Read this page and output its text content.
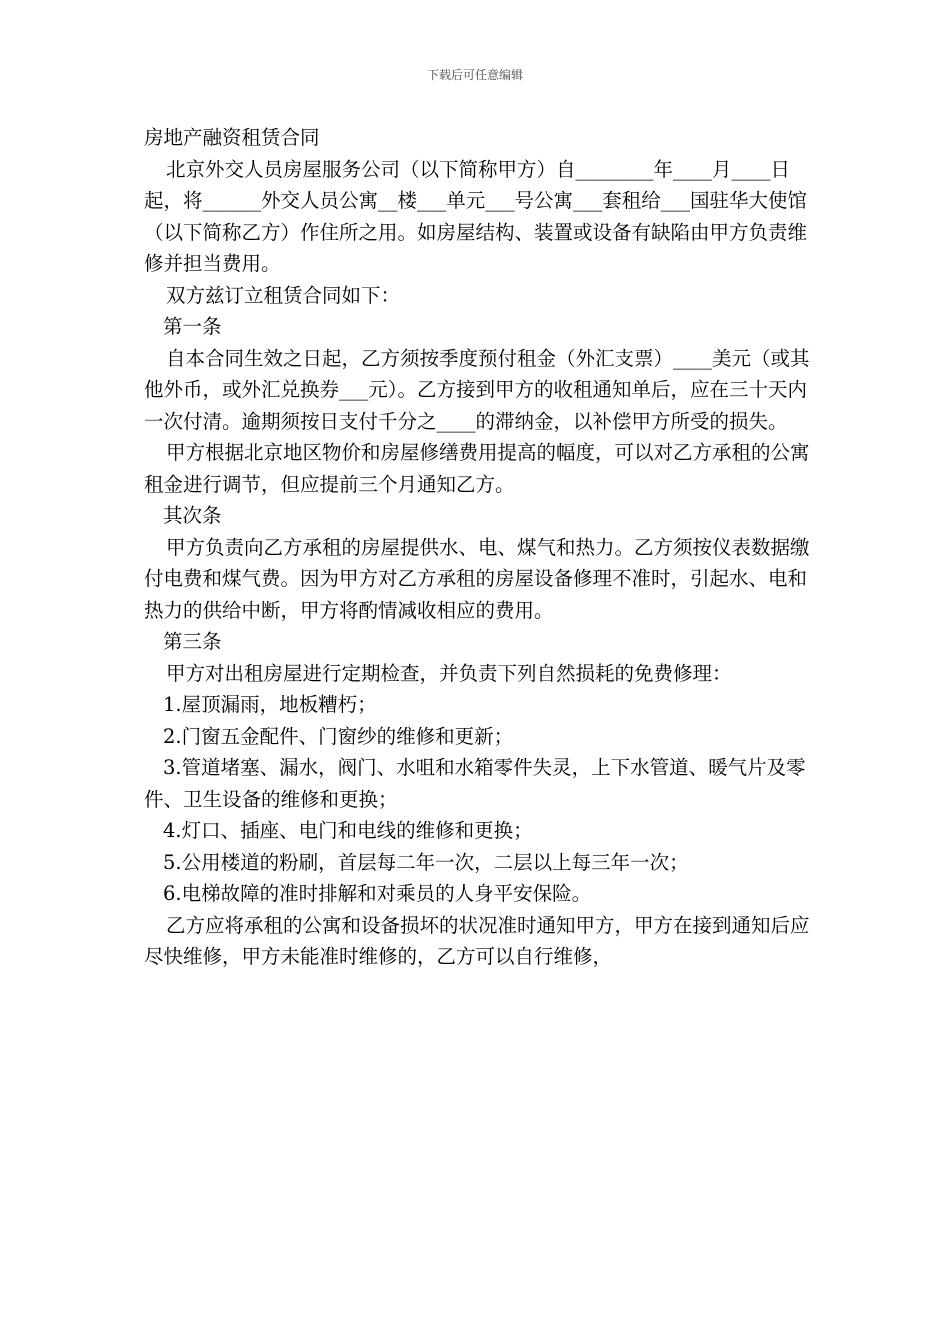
下载后可任意编辑

房地产融资租赁合同

北京外交人员房屋服务公司（以下简称甲方）自________年____月____日起，将______外交人员公寓__楼___单元___号公寓___套租给___国驻华大使馆（以下简称乙方）作住所之用。如房屋结构、装置或设备有缺陷由甲方负责维修并担当费用。

双方兹订立租赁合同如下：

第一条

自本合同生效之日起，乙方须按季度预付租金（外汇支票）____美元（或其他外币，或外汇兑换券___元）。乙方接到甲方的收租通知单后，应在三十天内一次付清。逾期须按日支付千分之____的滞纳金，以补偿甲方所受的损失。

甲方根据北京地区物价和房屋修缮费用提高的幅度，可以对乙方承租的公寓租金进行调节，但应提前三个月通知乙方。

其次条

甲方负责向乙方承租的房屋提供水、电、煤气和热力。乙方须按仪表数据缴付电费和煤气费。因为甲方对乙方承租的房屋设备修理不准时，引起水、电和热力的供给中断，甲方将酌情减收相应的费用。

第三条

甲方对出租房屋进行定期检查，并负责下列自然损耗的免费修理：

1.屋顶漏雨，地板糟朽；

2.门窗五金配件、门窗纱的维修和更新；

3.管道堵塞、漏水，阀门、水咀和水箱零件失灵，上下水管道、暖气片及零件、卫生设备的维修和更换；

4.灯口、插座、电门和电线的维修和更换；

5.公用楼道的粉刷，首层每二年一次，二层以上每三年一次；

6.电梯故障的准时排解和对乘员的人身平安保险。

乙方应将承租的公寓和设备损坏的状况准时通知甲方，甲方在接到通知后应尽快维修，甲方未能准时维修的，乙方可以自行维修，
